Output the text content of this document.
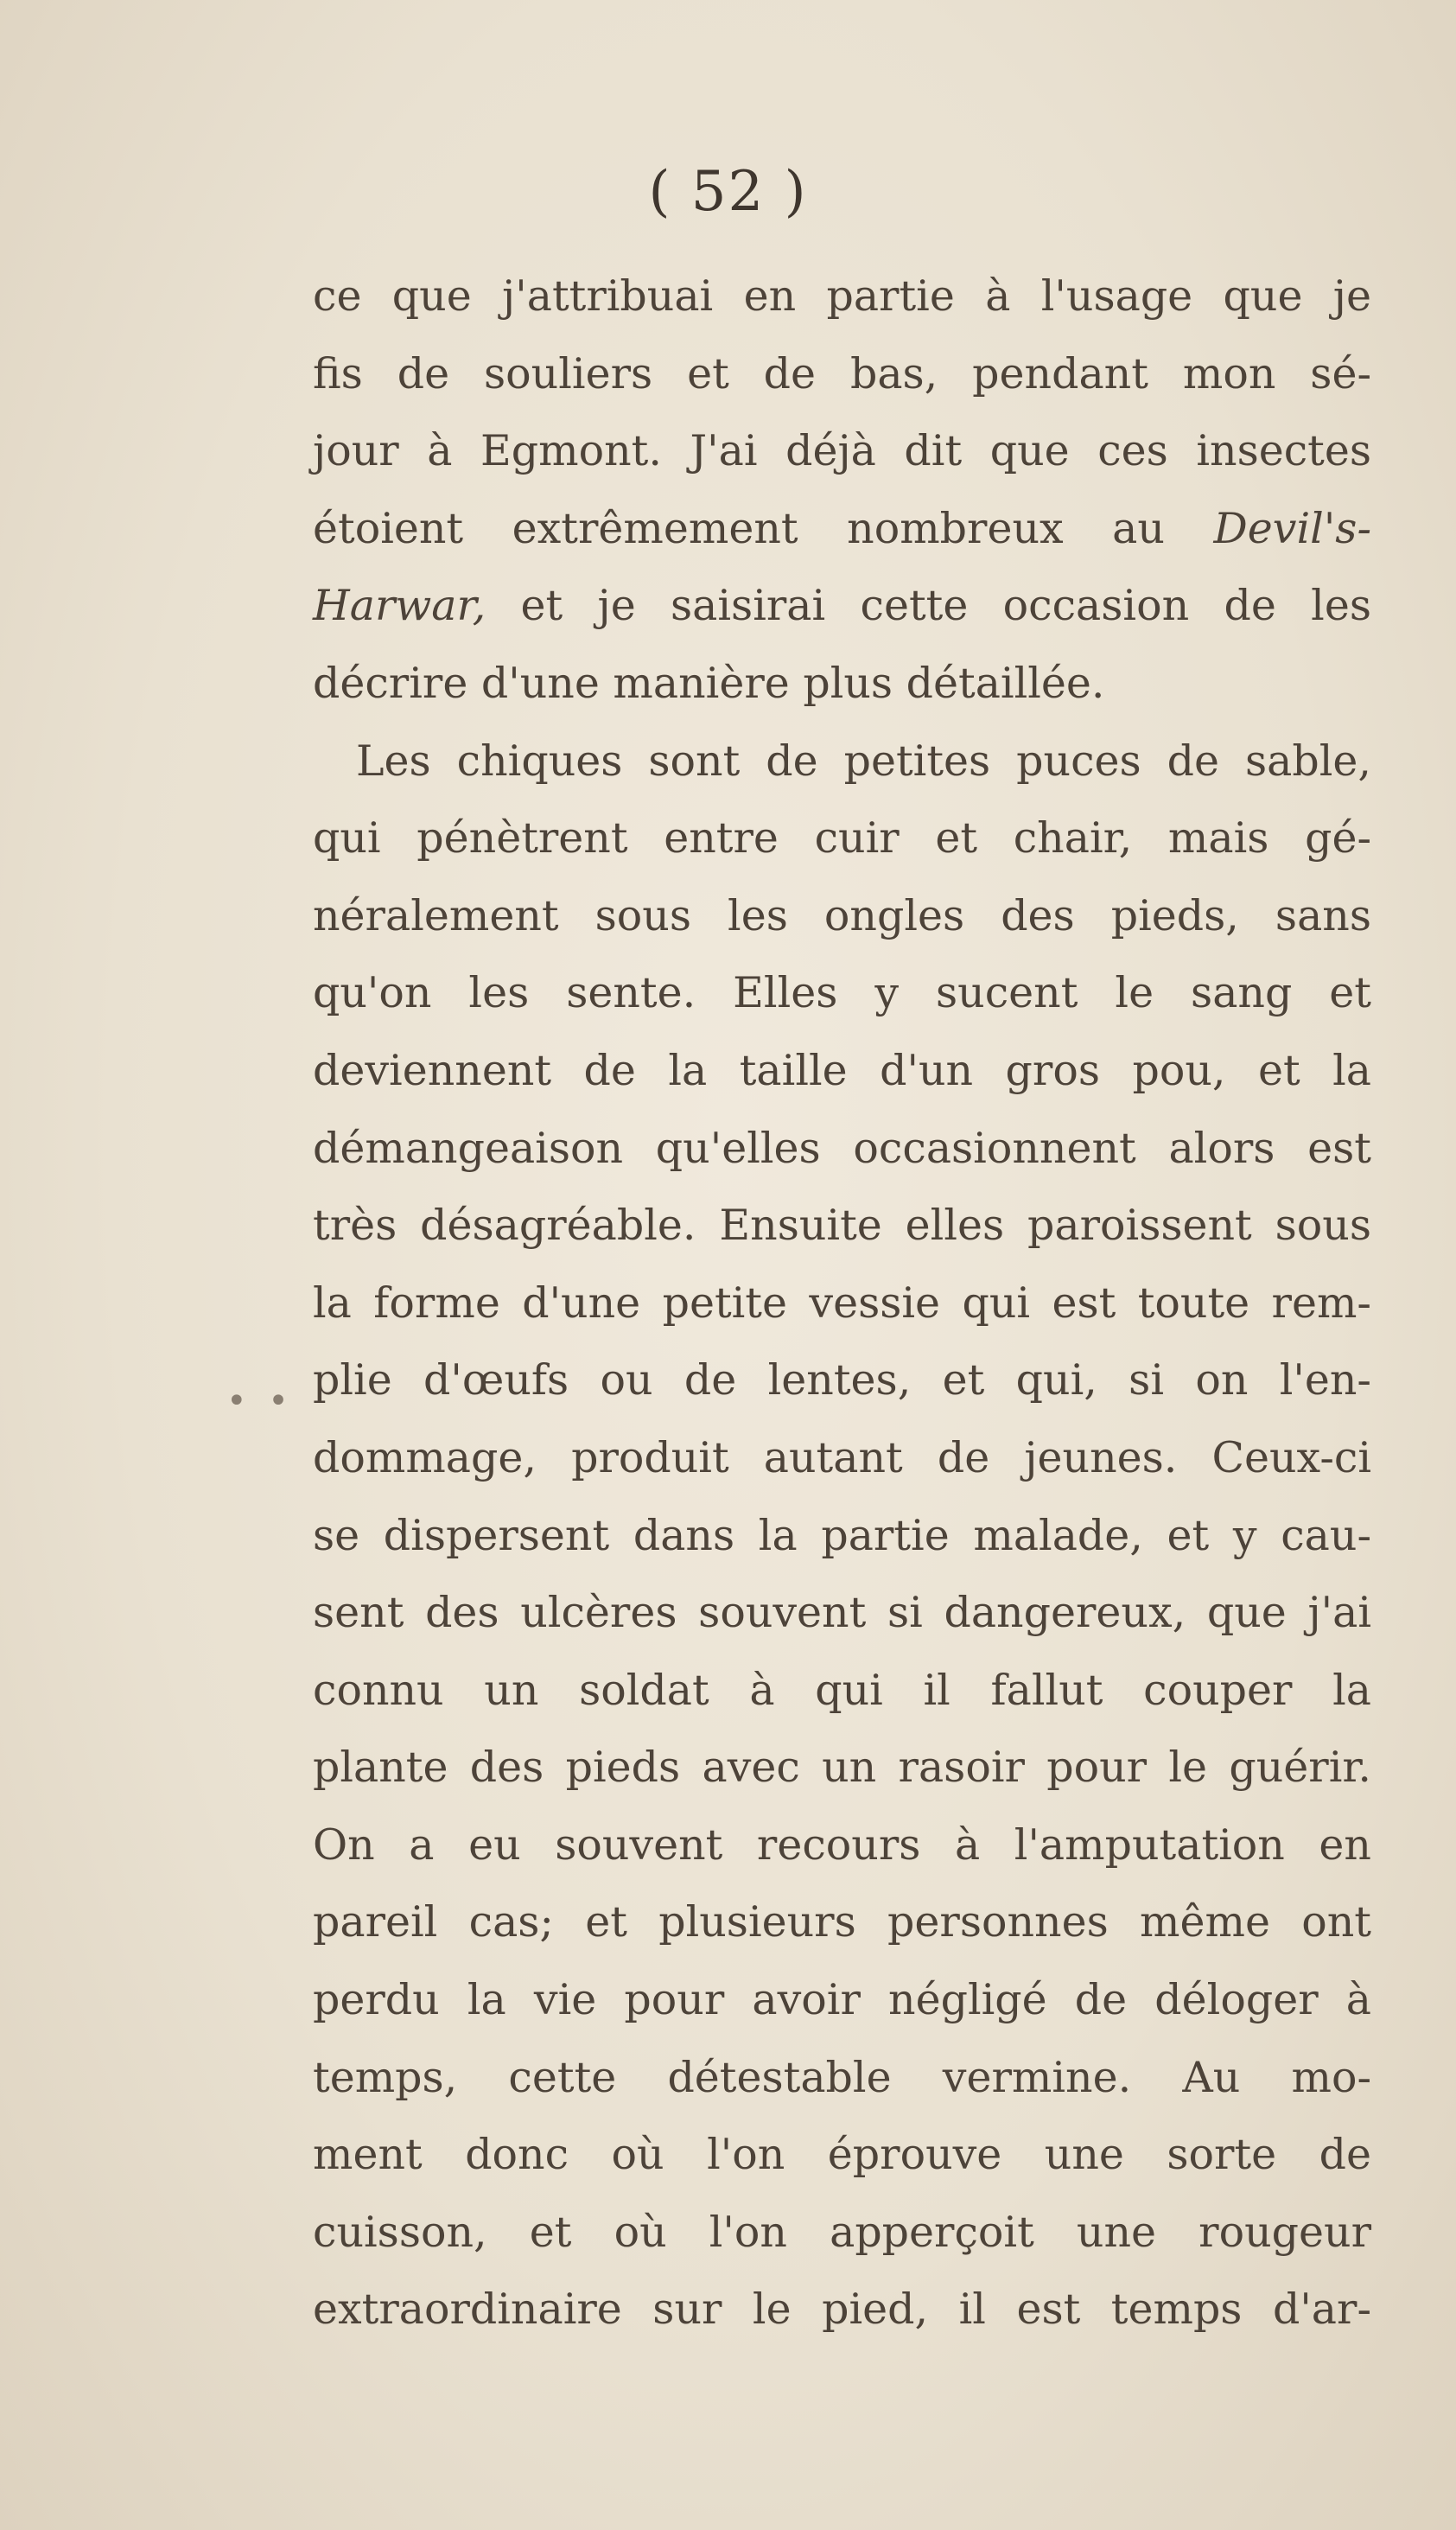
( 52 )
• •
ce que j'attribuai en partie à l'usage que je
fis de souliers et de bas, pendant mon sé-
jour à Egmont. J'ai déjà dit que ces insectes
étoient extrêmement nombreux au Devil's-
Harwar, et je saisirai cette occasion de les
décrire d'une manière plus détaillée.
Les chiques sont de petites puces de sable,
qui pénètrent entre cuir et chair, mais gé-
néralement sous les ongles des pieds, sans
qu'on les sente. Elles y sucent le sang et
deviennent de la taille d'un gros pou, et la
démangeaison qu'elles occasionnent alors est
très désagréable. Ensuite elles paroissent sous
la forme d'une petite vessie qui est toute rem-
plie d'œufs ou de lentes, et qui, si on l'en-
dommage, produit autant de jeunes. Ceux-ci
se dispersent dans la partie malade, et y cau-
sent des ulcères souvent si dangereux, que j'ai
connu un soldat à qui il fallut couper la
plante des pieds avec un rasoir pour le guérir.
On a eu souvent recours à l'amputation en
pareil cas; et plusieurs personnes même ont
perdu la vie pour avoir négligé de déloger à
temps, cette détestable vermine. Au mo-
ment donc où l'on éprouve une sorte de
cuisson, et où l'on apperçoit une rougeur
extraordinaire sur le pied, il est temps d'ar-
